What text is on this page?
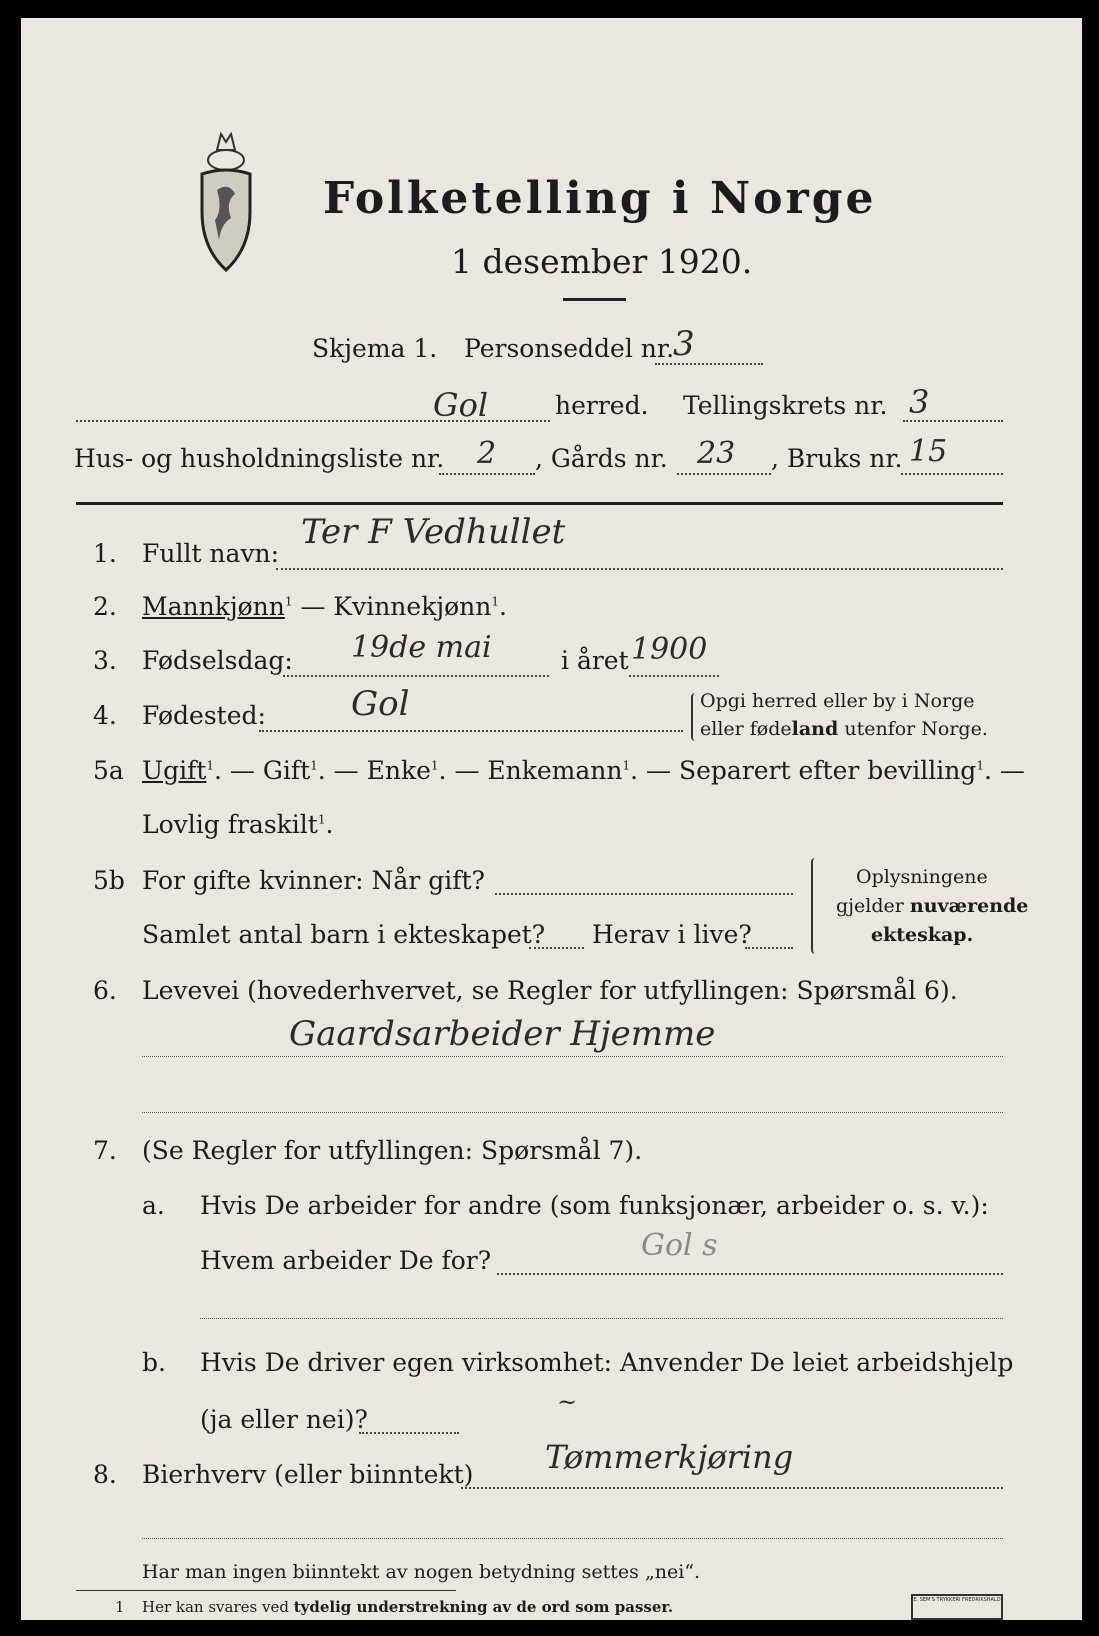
Folketelling i Norge
1 desember 1920.
Skjema 1. Personseddel nr.
3
Gol	herred. Tellingskrets nr. 3
Hus- og husholdningsliste nr. 2 , Gårds nr. 23 , Bruks nr. 15
1. Fullt navn:
Ter F Vedhullet
2. Mannkjønn$^1$ — Kvinnekjønn$^1$.
3. Fødselsdag: 19de mai	i året 1900
4. Fødested:	Gol	Opgi herred eller by i Norge
eller fødeland utenfor Norge.
5a Ugift$^1$. — Gift$^1$. — Enke$^1$. — Enkemann$^1$. — Separert efter bevilling$^1$. —
Lovlig fraskilt$^1$.
5b For gifte kvinner: Når gift?
Samlet antal barn i ekteskapet? Herav i live?
Oplysningene
gjelder nuværende
ekteskap.
6. Levevei (hovederhvervet, se Regler for utfyllingen: Spørsmål 6).
Gaardsarbeider Hjemme
7. (Se Regler for utfyllingen: Spørsmål 7).
a. Hvis De arbeider for andre (som funksjonær, arbeider o. s. v.):
Hvem arbeider De for?	Gol s
b. Hvis De driver egen virksomhet: Anvender De leiet arbeidshjelp
(ja eller nei)?
~
8. Bierhverv (eller biinntekt) Tømmerkjøring
Har man ingen biinntekt av nogen betydning settes „nei“.
1 Her kan svares ved tydelig understrekning av de ord som passer.	E. SEM'S TRYKKERI FREDRIKSHALD
